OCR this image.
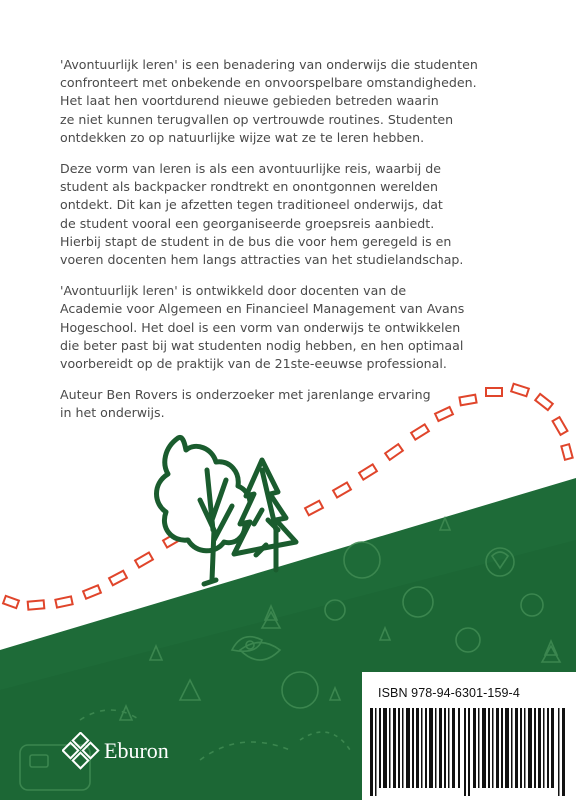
'Avontuurlijk leren' is een benadering van onderwijs die studenten
confronteert met onbekende en onvoorspelbare omstandigheden.
Het laat hen voortdurend nieuwe gebieden betreden waarin
ze niet kunnen terugvallen op vertrouwde routines. Studenten
ontdekken zo op natuurlijke wijze wat ze te leren hebben.

Deze vorm van leren is als een avontuurlijke reis, waarbij de
student als backpacker rondtrekt en onontgonnen werelden
ontdekt. Dit kan je afzetten tegen traditioneel onderwijs, dat
de student vooral een georganiseerde groepsreis aanbiedt.
Hierbij stapt de student in de bus die voor hem geregeld is en
voeren docenten hem langs attracties van het studielandschap.

'Avontuurlijk leren' is ontwikkeld door docenten van de
Academie voor Algemeen en Financieel Management van Avans
Hogeschool. Het doel is een vorm van onderwijs te ontwikkelen
die beter past bij wat studenten nodig hebben, en hen optimaal
voorbereidt op de praktijk van de 21ste-eeuwse professional.

Auteur Ben Rovers is onderzoeker met jarenlange ervaring
in het onderwijs.

ISBN 978-94-6301-159-4
Eburon
